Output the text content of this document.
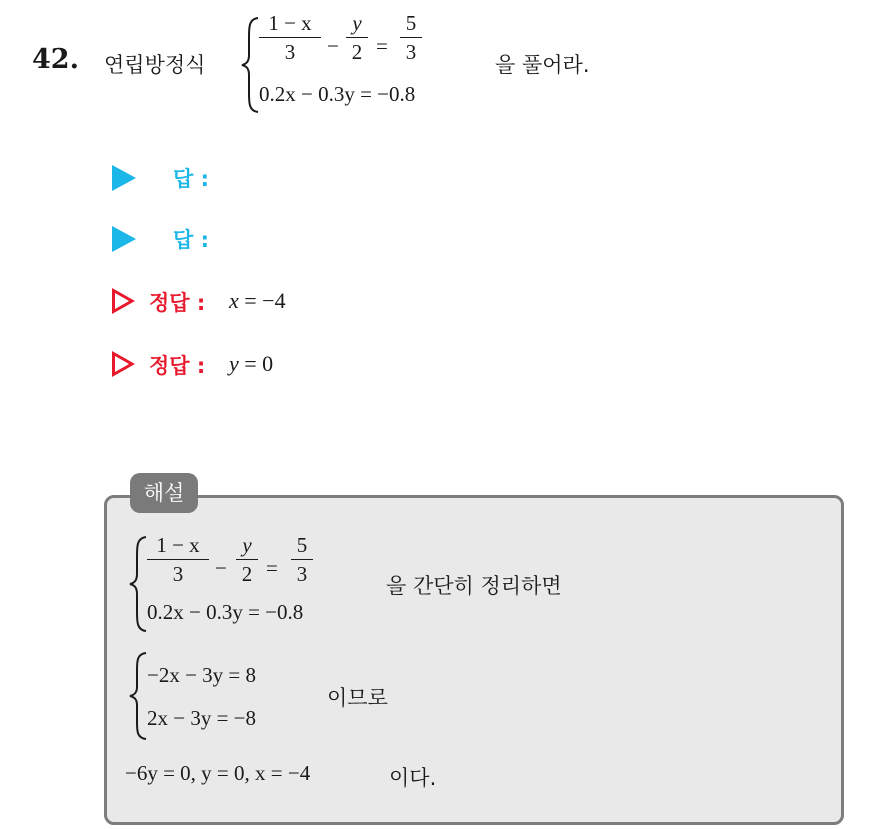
42. 연립방정식
1 − x
3	−
y
2 =
5
3
0.2x − 0.3y = −0.8
을 풀어라.
답 :
답 :
정답 : x = −4
정답 : y = 0
해설
1 − x
3	−
y
2 =
5
3
0.2x − 0.3y = −0.8
을 간단히 정리하면
−2x − 3y = 8
2x − 3y = −8
이므로
−6y = 0, y = 0, x = −4	이다.
